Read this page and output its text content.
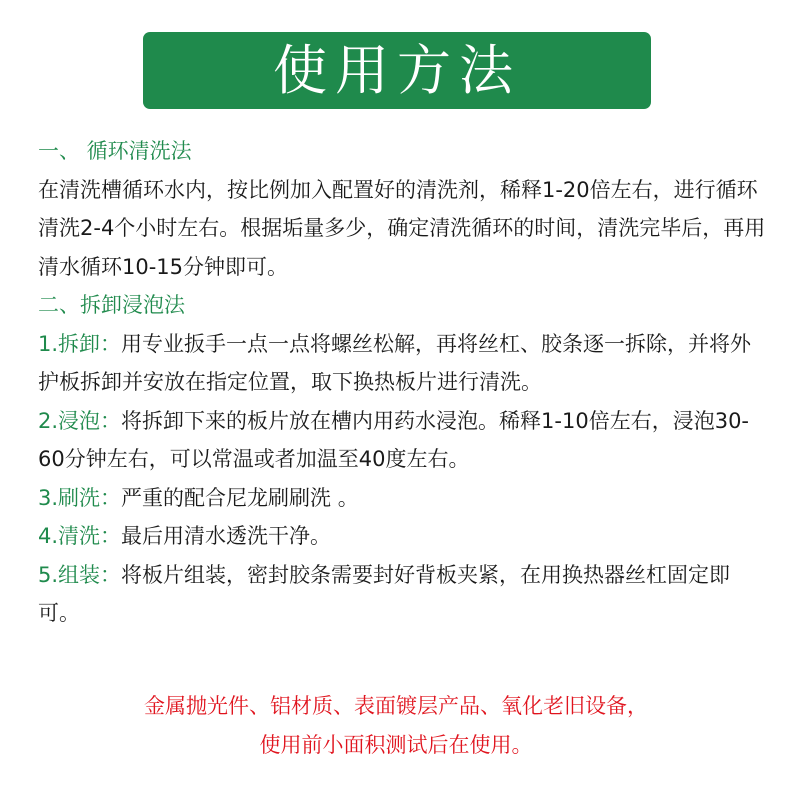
使用方法
一、 循环清洗法
在清洗槽循环水内，按比例加入配置好的清洗剂，稀释1-20倍左右，进行循环清洗2-4个小时左右。根据垢量多少，确定清洗循环的时间，清洗完毕后，再用清水循环10-15分钟即可。
二、拆卸浸泡法
1.拆卸：用专业扳手一点一点将螺丝松解，再将丝杠、胶条逐一拆除，并将外护板拆卸并安放在指定位置，取下换热板片进行清洗。
2.浸泡：将拆卸下来的板片放在槽内用药水浸泡。稀释1-10倍左右，浸泡30-60分钟左右，可以常温或者加温至40度左右。
3.刷洗：严重的配合尼龙刷刷洗 。
4.清洗：最后用清水透洗干净。
5.组装：将板片组装，密封胶条需要封好背板夹紧，在用换热器丝杠固定即可。
金属抛光件、铝材质、表面镀层产品、氧化老旧设备，
使用前小面积测试后在使用。
